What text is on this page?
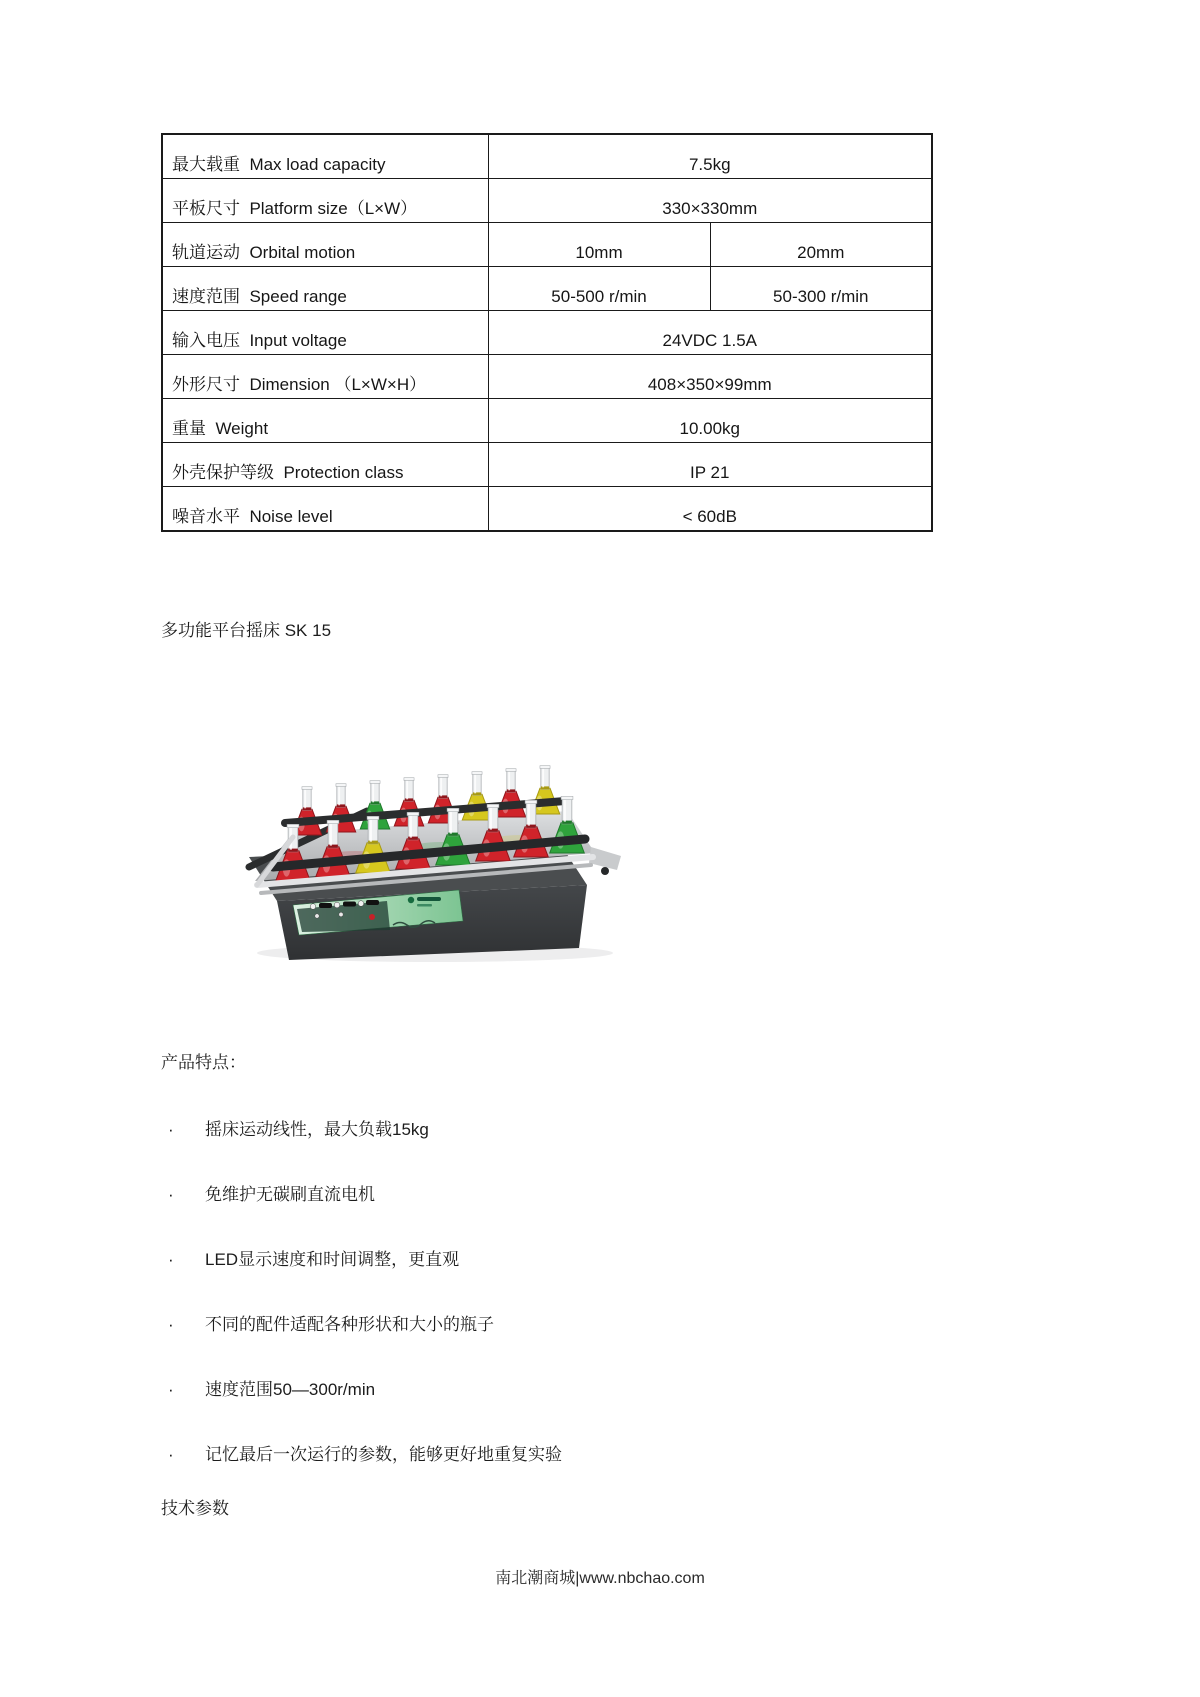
最大载重  Max load capacity	7.5kg	
平板尺寸  Platform size（L×W）	330×330mm	
轨道运动  Orbital motion	10mm	20mm
速度范围  Speed range	50-500 r/min	50-300 r/min
输入电压  Input voltage	24VDC 1.5A	
外形尺寸  Dimension （L×W×H）	408×350×99mm	
重量  Weight	10.00kg	
外壳保护等级  Protection class	IP 21	
噪音水平  Noise level	< 60dB	
多功能平台摇床 SK 15
产品特点：
· 摇床运动线性，最大负载15kg
· 免维护无碳刷直流电机
· LED显示速度和时间调整，更直观
· 不同的配件适配各种形状和大小的瓶子
· 速度范围50—300r/min
· 记忆最后一次运行的参数，能够更好地重复实验
技术参数
南北潮商城|www.nbchao.com
